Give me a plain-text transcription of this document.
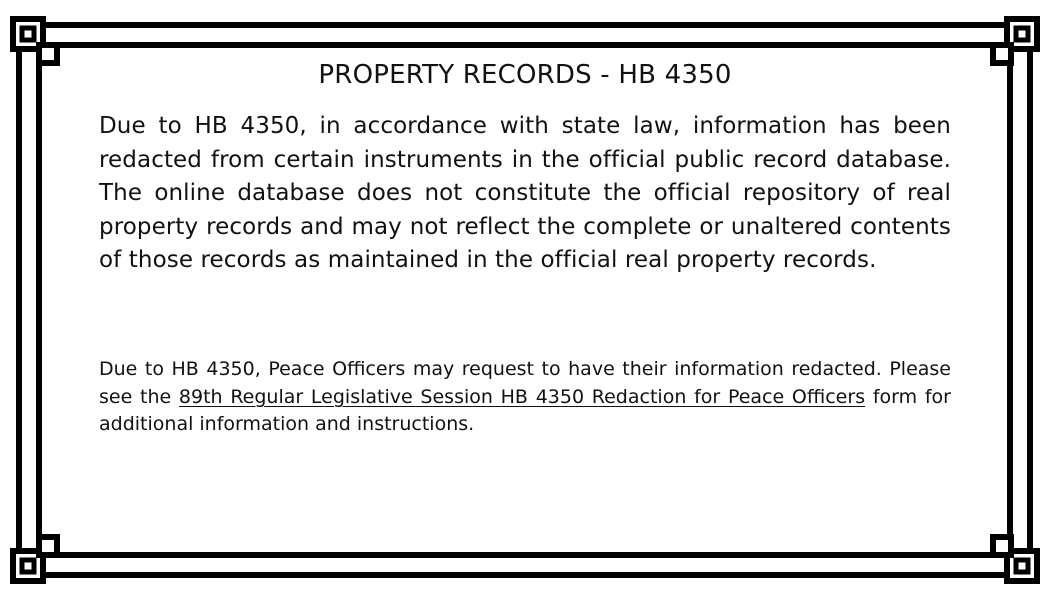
PROPERTY RECORDS - HB 4350

Due to HB 4350, in accordance with state law, information has been redacted from certain instruments in the official public record database. The online database does not constitute the official repository of real property records and may not reflect the complete or unaltered contents of those records as maintained in the official real property records.

Due to HB 4350, Peace Officers may request to have their information redacted. Please see the 89th Regular Legislative Session HB 4350 Redaction for Peace Officers form for additional information and instructions.
